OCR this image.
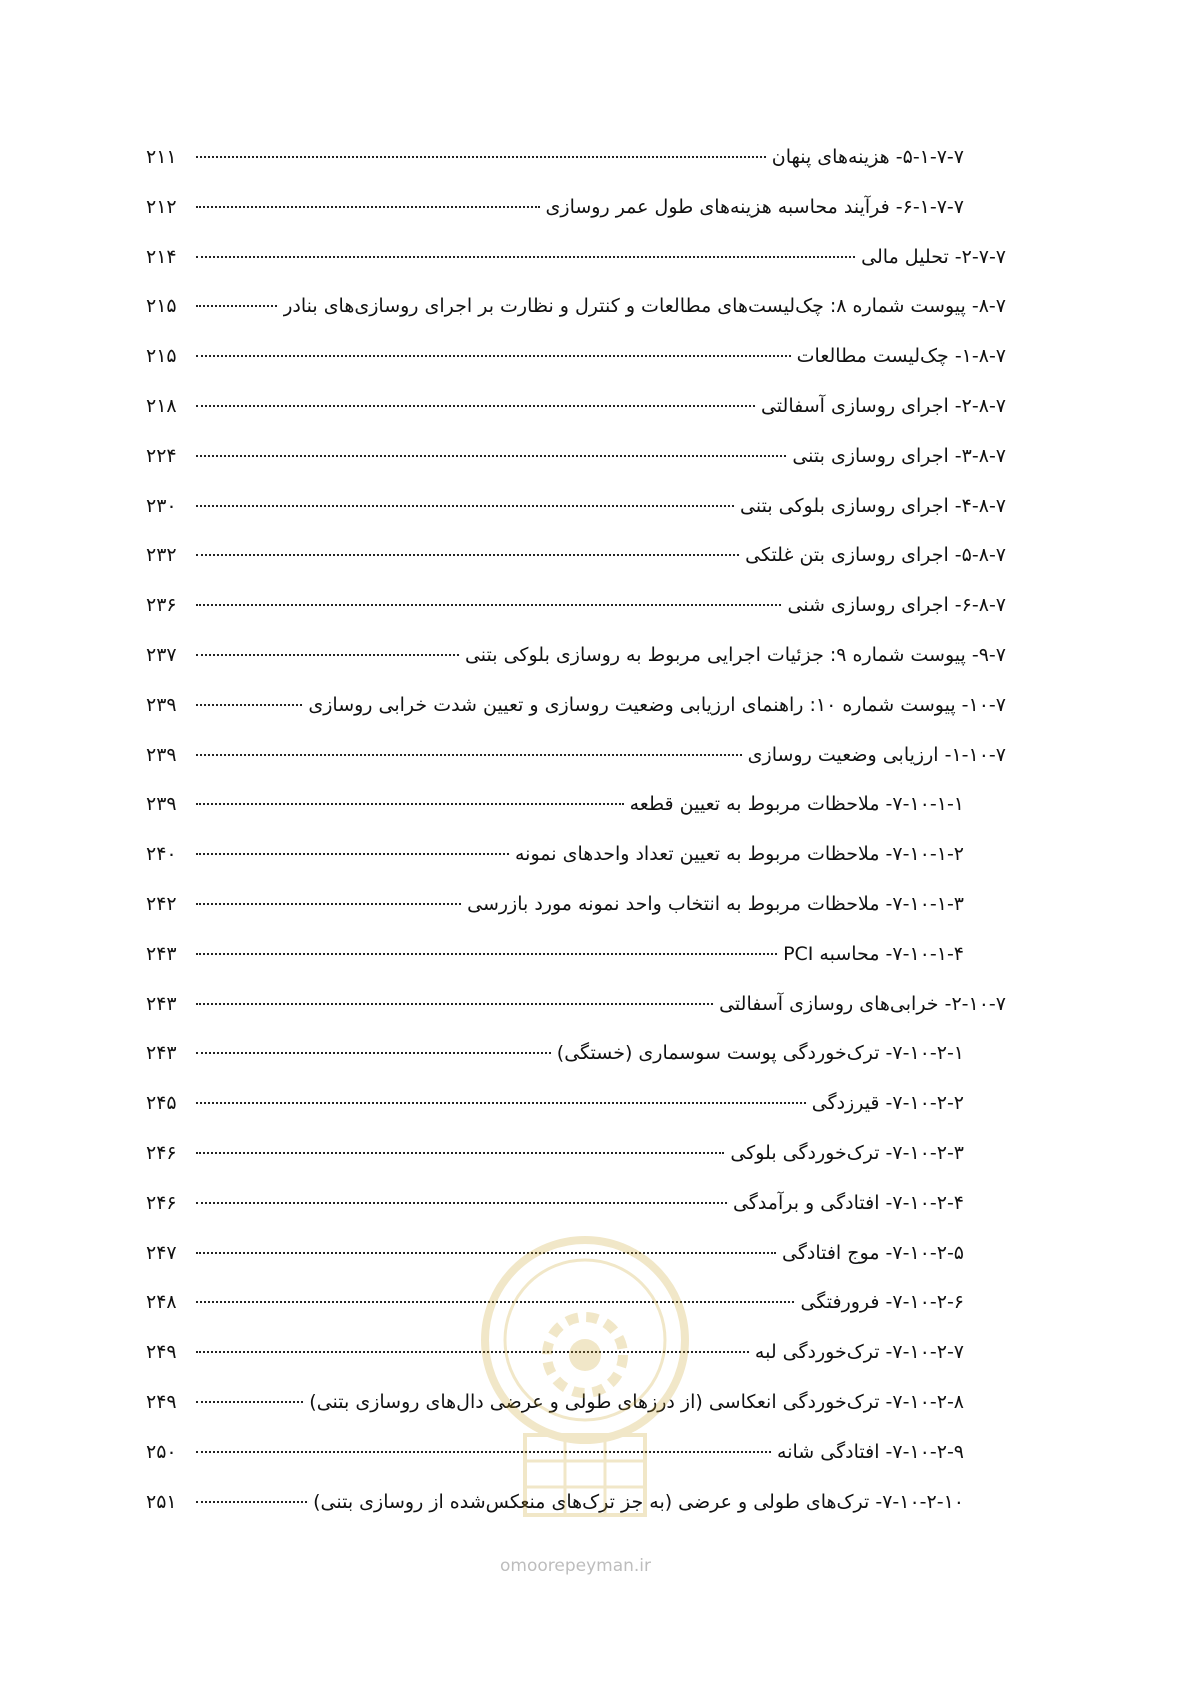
۵-۱-۷-۷- هزینه‌های پنهان
۲۱۱
۶-۱-۷-۷- فرآیند محاسبه هزینه‌های طول عمر روسازی
۲۱۲
۲-۷-۷- تحلیل مالی
۲۱۴
۸-۷- پیوست شماره ۸: چک‌لیست‌های مطالعات و کنترل و نظارت بر اجرای روسازی‌های بنادر
۲۱۵
۱-۸-۷- چک‌لیست مطالعات
۲۱۵
۲-۸-۷- اجرای روسازی آسفالتی
۲۱۸
۳-۸-۷- اجرای روسازی بتنی
۲۲۴
۴-۸-۷- اجرای روسازی بلوکی بتنی
۲۳۰
۵-۸-۷- اجرای روسازی بتن غلتکی
۲۳۲
۶-۸-۷- اجرای روسازی شنی
۲۳۶
۹-۷- پیوست شماره ۹: جزئیات اجرایی مربوط به روسازی بلوکی بتنی
۲۳۷
۱۰-۷- پیوست شماره ۱۰: راهنمای ارزیابی وضعیت روسازی و تعیین شدت خرابی روسازی
۲۳۹
۱-۱۰-۷- ارزیابی وضعیت روسازی
۲۳۹
۷-۱۰-۱-۱- ملاحظات مربوط به تعیین قطعه
۲۳۹
۷-۱۰-۱-۲- ملاحظات مربوط به تعیین تعداد واحدهای نمونه
۲۴۰
۷-۱۰-۱-۳- ملاحظات مربوط به انتخاب واحد نمونه مورد بازرسی
۲۴۲
۷-۱۰-۱-۴- محاسبه PCI
۲۴۳
۲-۱۰-۷- خرابی‌های روسازی آسفالتی
۲۴۳
۷-۱۰-۲-۱- ترک‌خوردگی پوست سوسماری (خستگی)
۲۴۳
۷-۱۰-۲-۲- قیرزدگی
۲۴۵
۷-۱۰-۲-۳- ترک‌خوردگی بلوکی
۲۴۶
۷-۱۰-۲-۴- افتادگی و برآمدگی
۲۴۶
۷-۱۰-۲-۵- موج افتادگی
۲۴۷
۷-۱۰-۲-۶- فرورفتگی
۲۴۸
۷-۱۰-۲-۷- ترک‌خوردگی لبه
۲۴۹
۷-۱۰-۲-۸- ترک‌خوردگی انعکاسی (از درزهای طولی و عرضی دال‌های روسازی بتنی)
۲۴۹
۷-۱۰-۲-۹- افتادگی شانه
۲۵۰
۷-۱۰-۲-۱۰- ترک‌های طولی و عرضی (به جز ترک‌های منعکس‌شده از روسازی بتنی)
۲۵۱
omoorepeyman.ir
